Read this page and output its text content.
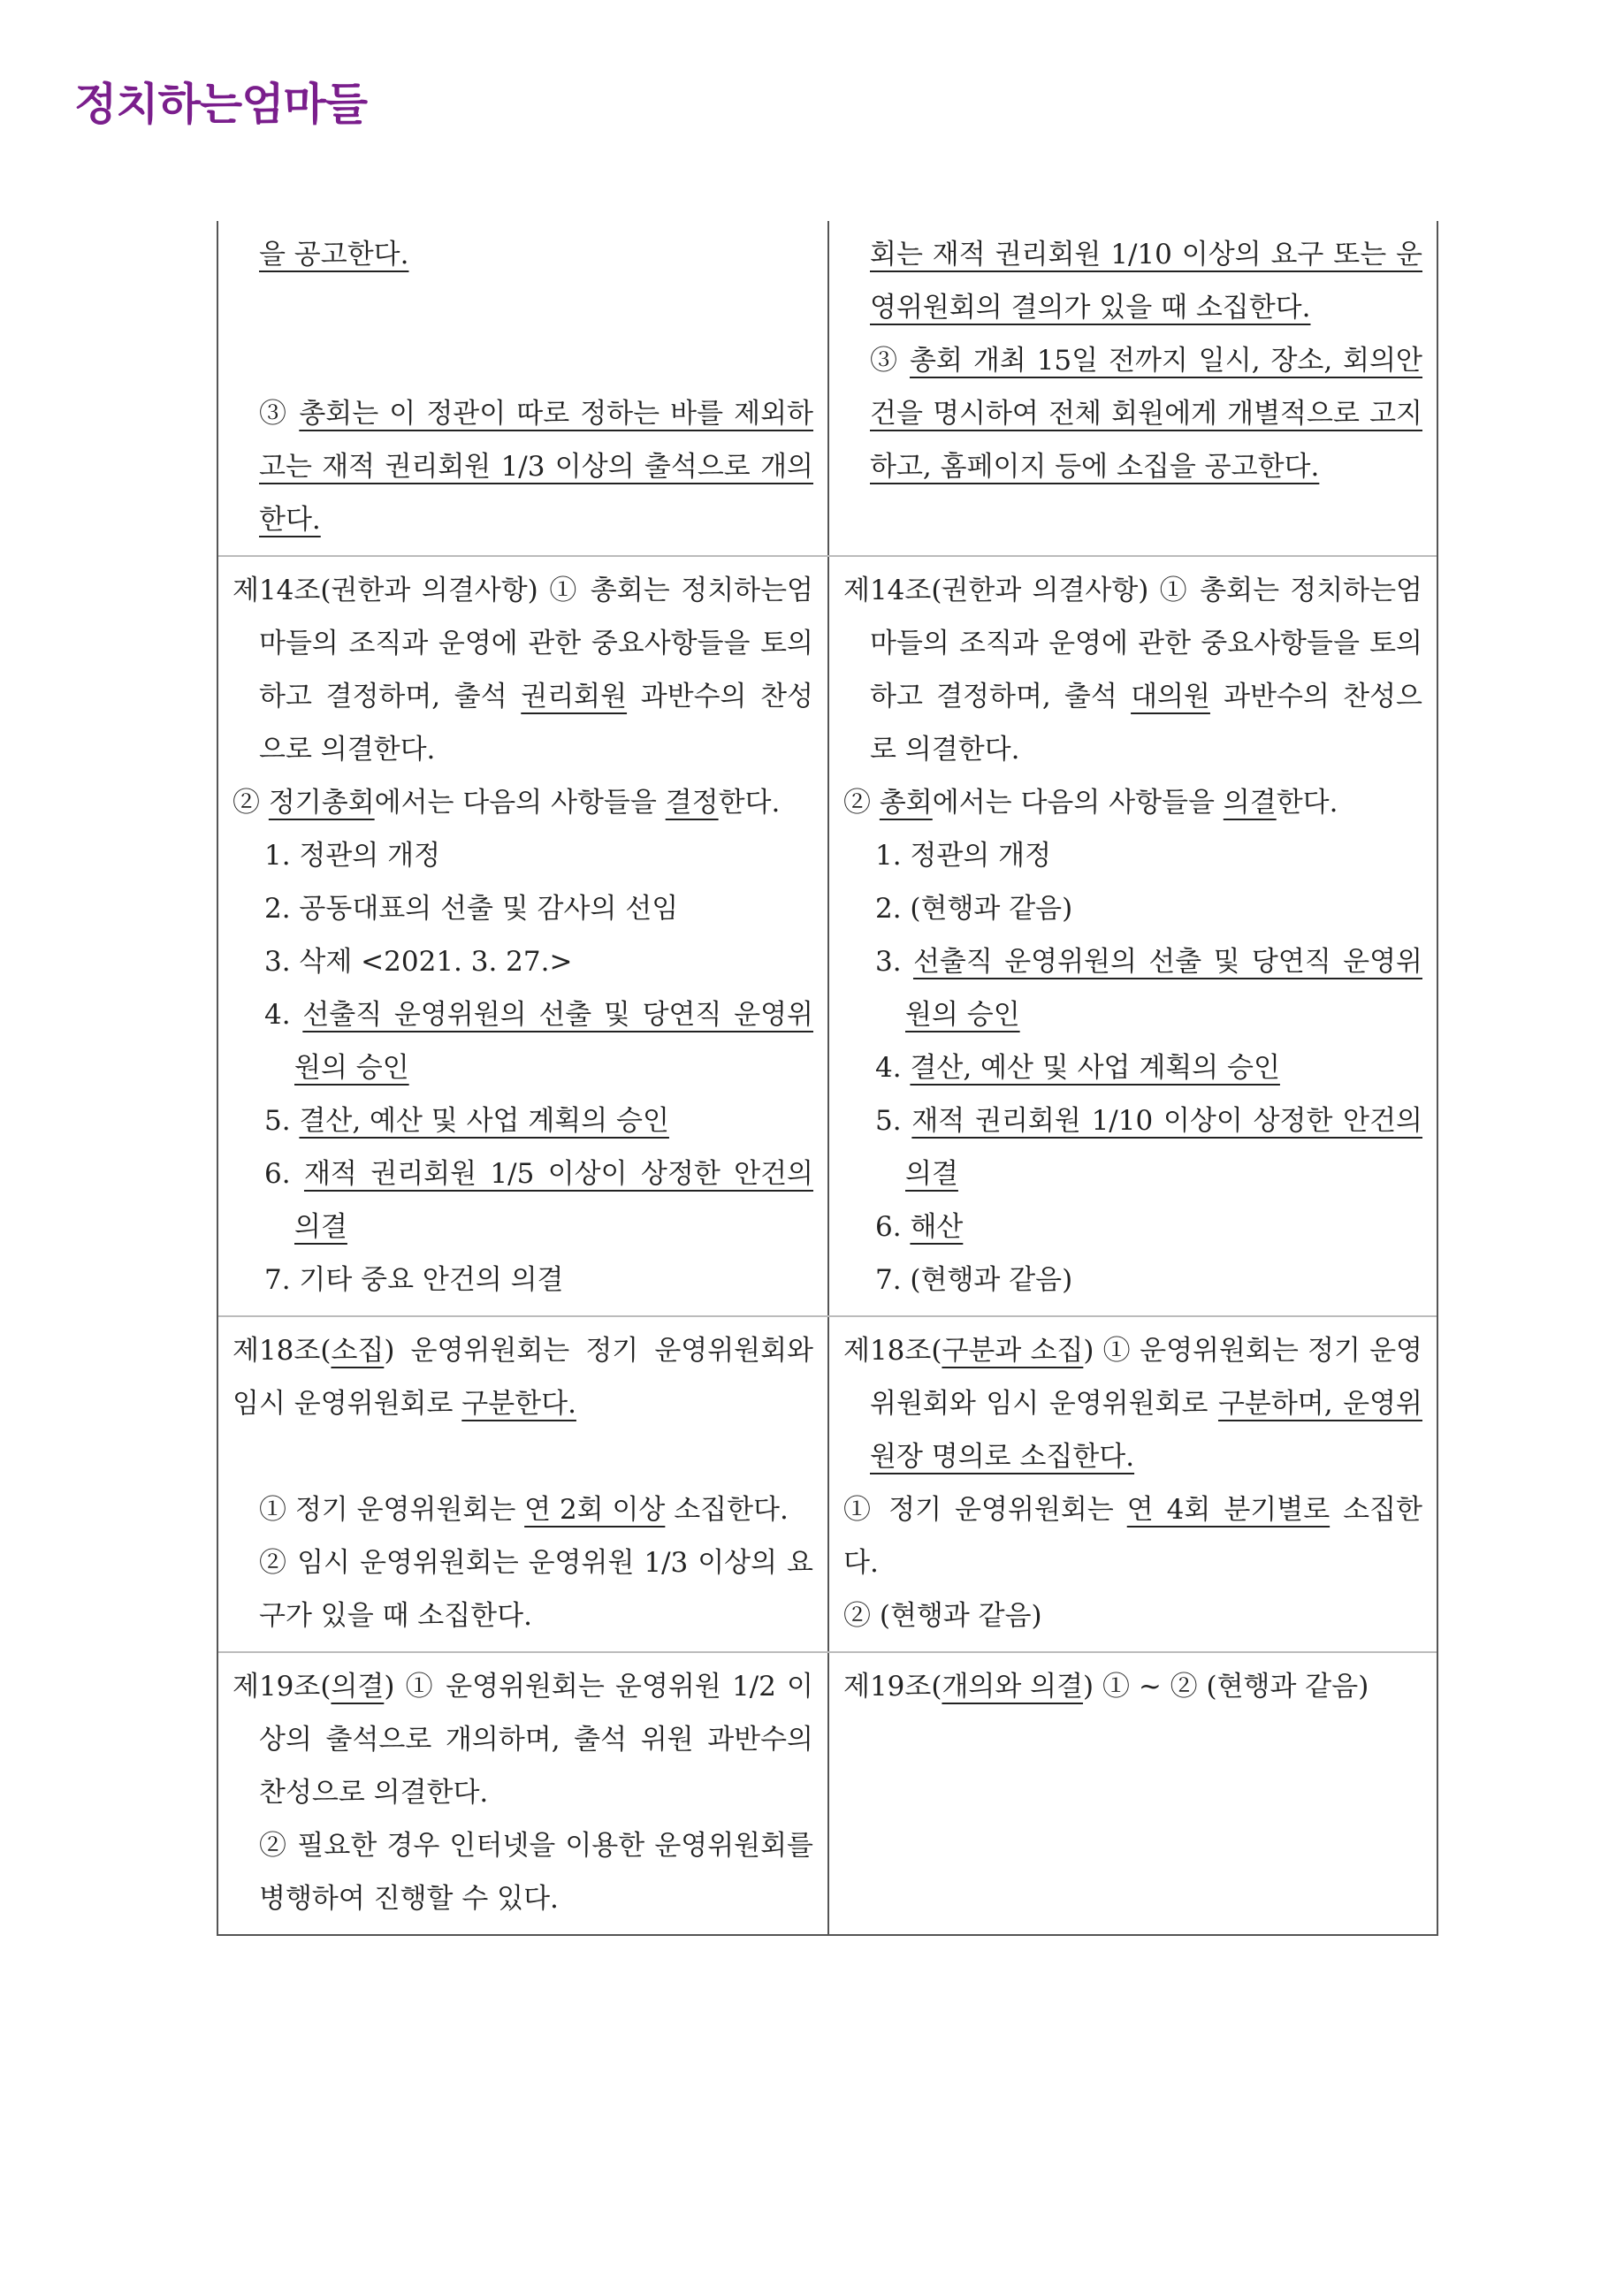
정치하는엄마들

을 공고한다.

③ 총회는 이 정관이 따로 정하는 바를 제외하고는 재적 권리회원 1/3 이상의 출석으로 개의한다.

회는 재적 권리회원 1/10 이상의 요구 또는 운영위원회의 결의가 있을 때 소집한다.

③ 총회 개최 15일 전까지 일시, 장소, 회의안건을 명시하여 전체 회원에게 개별적으로 고지하고, 홈페이지 등에 소집을 공고한다.

제14조(권한과 의결사항) ① 총회는 정치하는엄마들의 조직과 운영에 관한 중요사항들을 토의하고 결정하며, 출석 권리회원 과반수의 찬성으로 의결한다.

② 정기총회에서는 다음의 사항들을 결정한다.

1. 정관의 개정

2. 공동대표의 선출 및 감사의 선임

3. 삭제 <2021. 3. 27.>

4. 선출직 운영위원의 선출 및 당연직 운영위원의 승인

5. 결산, 예산 및 사업 계획의 승인

6. 재적 권리회원 1/5 이상이 상정한 안건의 의결

7. 기타 중요 안건의 의결

제14조(권한과 의결사항) ① 총회는 정치하는엄마들의 조직과 운영에 관한 중요사항들을 토의하고 결정하며, 출석 대의원 과반수의 찬성으로 의결한다.

② 총회에서는 다음의 사항들을 의결한다.

1. 정관의 개정

2. (현행과 같음)

3. 선출직 운영위원의 선출 및 당연직 운영위원의 승인

4. 결산, 예산 및 사업 계획의 승인

5. 재적 권리회원 1/10 이상이 상정한 안건의 의결

6. 해산

7. (현행과 같음)

제18조(소집) 운영위원회는 정기 운영위원회와 임시 운영위원회로 구분한다.

① 정기 운영위원회는 연 2회 이상 소집한다.

② 임시 운영위원회는 운영위원 1/3 이상의 요구가 있을 때 소집한다.

제18조(구분과 소집) ① 운영위원회는 정기 운영위원회와 임시 운영위원회로 구분하며, 운영위원장 명의로 소집한다.

① 정기 운영위원회는 연 4회 분기별로 소집한다.

② (현행과 같음)

제19조(의결) ① 운영위원회는 운영위원 1/2 이상의 출석으로 개의하며, 출석 위원 과반수의 찬성으로 의결한다.

② 필요한 경우 인터넷을 이용한 운영위원회를 병행하여 진행할 수 있다.

제19조(개의와 의결) ① ~ ② (현행과 같음)
